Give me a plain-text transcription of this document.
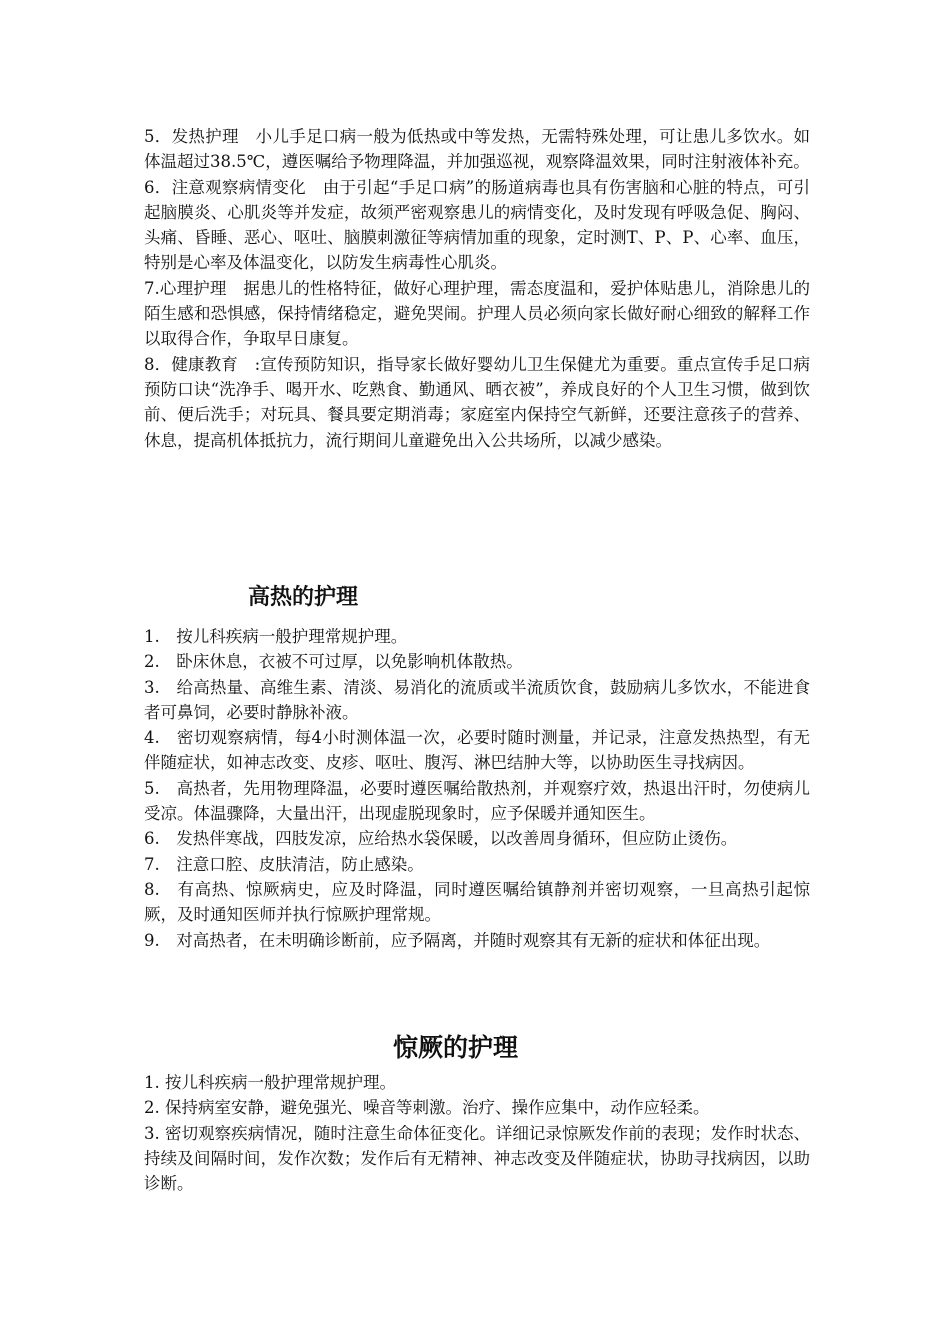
5．发热护理　小儿手足口病一般为低热或中等发热，无需特殊处理，可让患儿多饮水。如体温超过38.5℃，遵医嘱给予物理降温，并加强巡视，观察降温效果，同时注射液体补充。

6．注意观察病情变化　由于引起“手足口病”的肠道病毒也具有伤害脑和心脏的特点，可引起脑膜炎、心肌炎等并发症，故须严密观察患儿的病情变化，及时发现有呼吸急促、胸闷、头痛、昏睡、恶心、呕吐、脑膜刺激征等病情加重的现象，定时测T、P、P、心率、血压，特别是心率及体温变化，以防发生病毒性心肌炎。

7.心理护理　据患儿的性格特征，做好心理护理，需态度温和，爱护体贴患儿，消除患儿的陌生感和恐惧感，保持情绪稳定，避免哭闹。护理人员必须向家长做好耐心细致的解释工作以取得合作，争取早日康复。

8．健康教育　:宣传预防知识，指导家长做好婴幼儿卫生保健尤为重要。重点宣传手足口病预防口诀“洗净手、喝开水、吃熟食、勤通风、晒衣被”，养成良好的个人卫生习惯，做到饮前、便后洗手；对玩具、餐具要定期消毒；家庭室内保持空气新鲜，还要注意孩子的营养、休息，提高机体抵抗力，流行期间儿童避免出入公共场所，以减少感染。

高热的护理

1.　按儿科疾病一般护理常规护理。

2.　卧床休息，衣被不可过厚，以免影响机体散热。

3.　给高热量、高维生素、清淡、易消化的流质或半流质饮食，鼓励病儿多饮水，不能进食者可鼻饲，必要时静脉补液。

4.　密切观察病情，每4小时测体温一次，必要时随时测量，并记录，注意发热热型，有无伴随症状，如神志改变、皮疹、呕吐、腹泻、淋巴结肿大等，以协助医生寻找病因。

5.　高热者，先用物理降温，必要时遵医嘱给散热剂，并观察疗效，热退出汗时，勿使病儿受凉。体温骤降，大量出汗，出现虚脱现象时，应予保暖并通知医生。

6.　发热伴寒战，四肢发凉，应给热水袋保暖，以改善周身循环，但应防止烫伤。

7.　注意口腔、皮肤清洁，防止感染。

8.　有高热、惊厥病史，应及时降温，同时遵医嘱给镇静剂并密切观察，一旦高热引起惊厥，及时通知医师并执行惊厥护理常规。

9.　对高热者，在未明确诊断前，应予隔离，并随时观察其有无新的症状和体征出现。

惊厥的护理

1. 按儿科疾病一般护理常规护理。

2. 保持病室安静，避免强光、噪音等刺激。治疗、操作应集中，动作应轻柔。

3. 密切观察疾病情况，随时注意生命体征变化。详细记录惊厥发作前的表现；发作时状态、持续及间隔时间，发作次数；发作后有无精神、神志改变及伴随症状，协助寻找病因，以助诊断。
